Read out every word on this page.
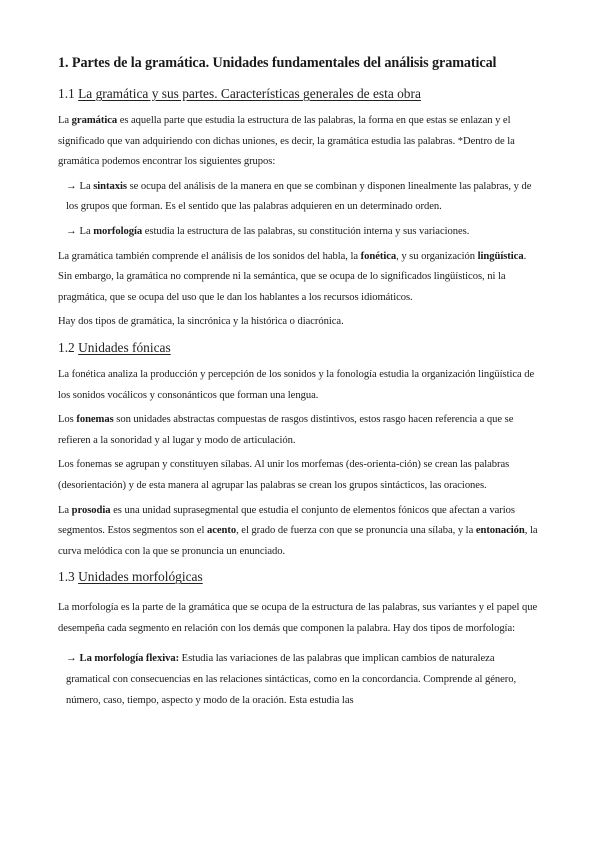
1. Partes de la gramática. Unidades fundamentales del análisis gramatical
1.1 La gramática y sus partes. Características generales de esta obra

La gramática es aquella parte que estudia la estructura de las palabras, la forma en que estas se enlazan y el significado que van adquiriendo con dichas uniones, es decir, la gramática estudia las palabras. *Dentro de la gramática podemos encontrar los siguientes grupos:

→ La sintaxis se ocupa del análisis de la manera en que se combinan y disponen linealmente las palabras, y de los grupos que forman. Es el sentido que las palabras adquieren en un determinado orden.

→ La morfología estudia la estructura de las palabras, su constitución interna y sus variaciones.

La gramática también comprende el análisis de los sonidos del habla, la fonética, y su organización lingüística. Sin embargo, la gramática no comprende ni la semántica, que se ocupa de lo significados lingüísticos, ni la pragmática, que se ocupa del uso que le dan los hablantes a los recursos idiomáticos.

Hay dos tipos de gramática, la sincrónica y la histórica o diacrónica.

1.2 Unidades fónicas

La fonética analiza la producción y percepción de los sonidos y la fonología estudia la organización lingüística de los sonidos vocálicos y consonánticos que forman una lengua.

Los fonemas son unidades abstractas compuestas de rasgos distintivos, estos rasgo hacen referencia a que se refieren a la sonoridad y al lugar y modo de articulación.

Los fonemas se agrupan y constituyen sílabas. Al unir los morfemas (des-orienta-ción) se crean las palabras (desorientación) y de esta manera al agrupar las palabras se crean los grupos sintácticos, las oraciones.

La prosodia es una unidad suprasegmental que estudia el conjunto de elementos fónicos que afectan a varios segmentos. Estos segmentos son el acento, el grado de fuerza con que se pronuncia una sílaba, y la entonación, la curva melódica con la que se pronuncia un enunciado.

1.3 Unidades morfológicas

La morfología es la parte de la gramática que se ocupa de la estructura de las palabras, sus variantes y el papel que desempeña cada segmento en relación con los demás que componen la palabra. Hay dos tipos de morfología:

→ La morfología flexiva: Estudia las variaciones de las palabras que implican cambios de naturaleza gramatical con consecuencias en las relaciones sintácticas, como en la concordancia. Comprende al género, número, caso, tiempo, aspecto y modo de la oración. Esta estudia las
